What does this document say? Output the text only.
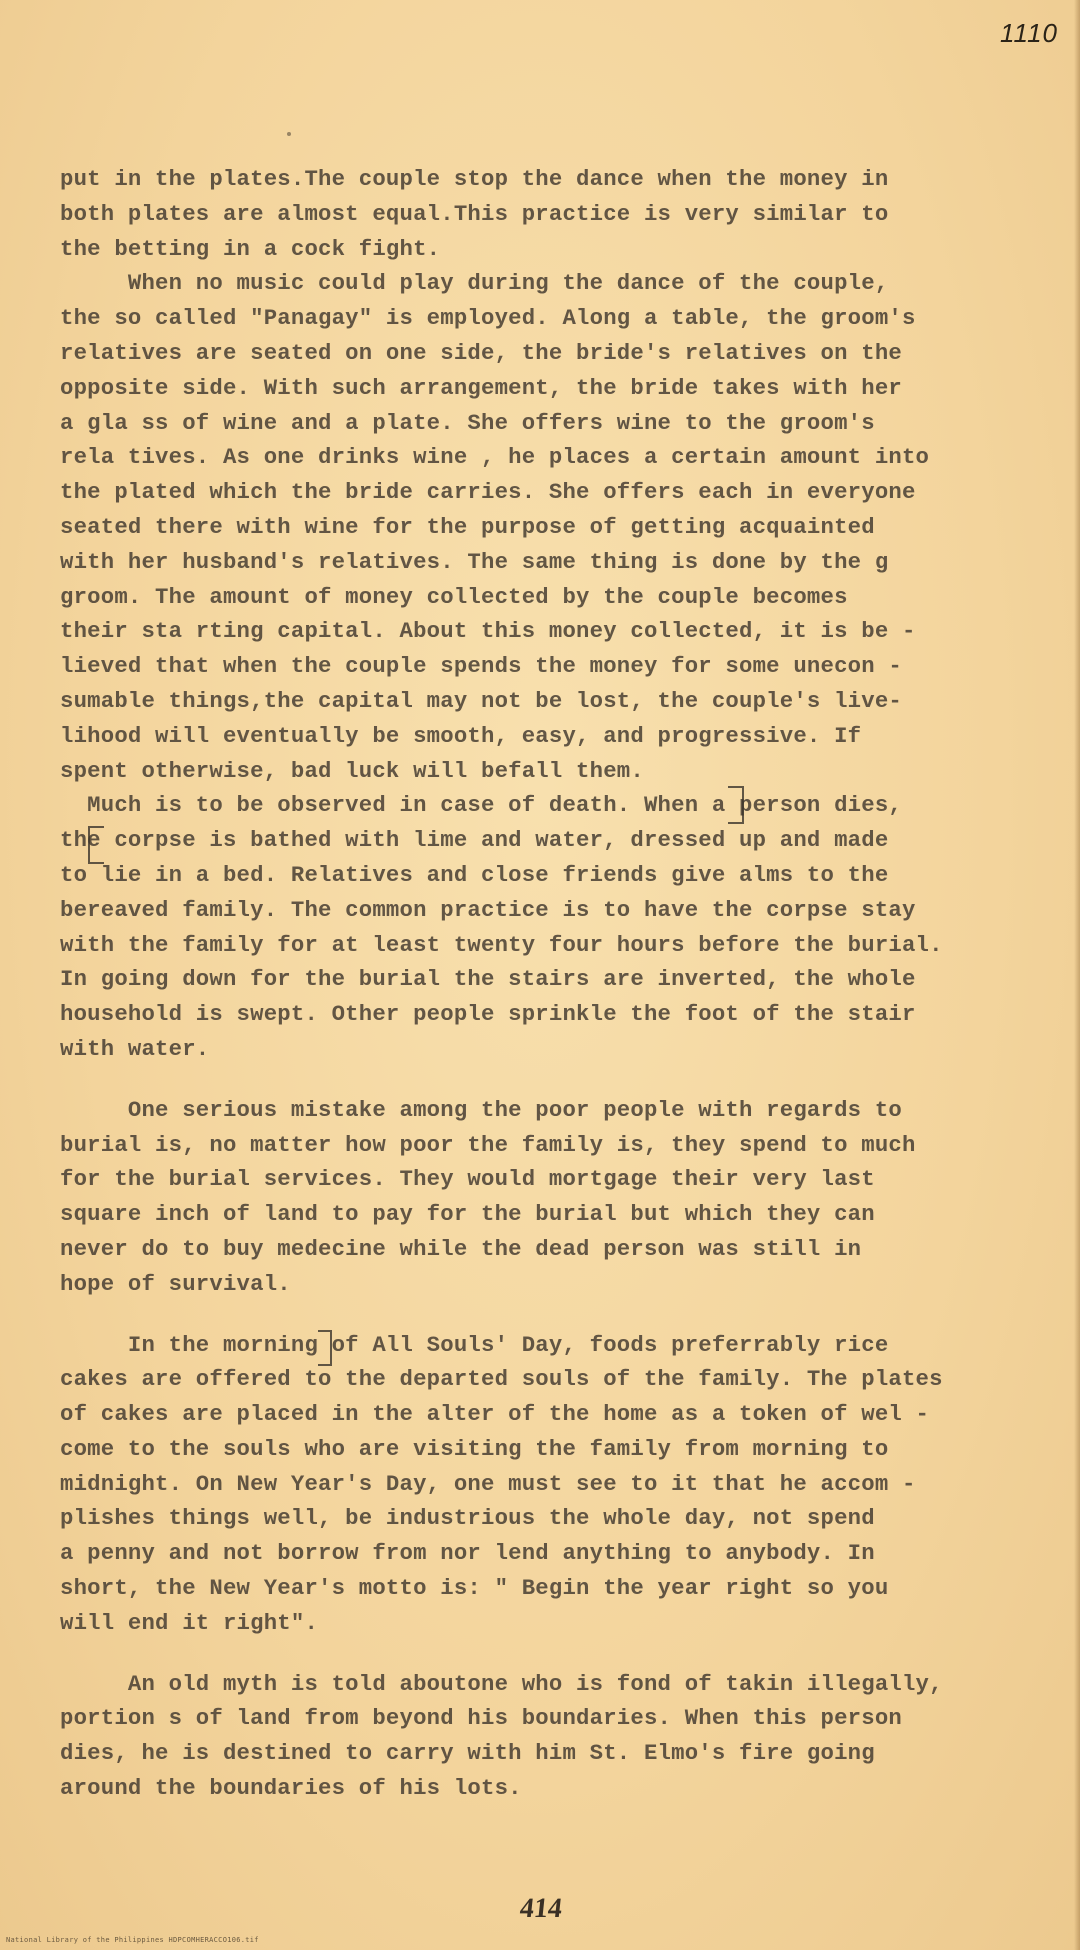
1110
put in the plates.The couple stop the dance when the money in
both plates are almost equal.This practice is very similar to
the betting in a cock fight.
When no music could play during the dance of the couple,
the so called "Panagay" is employed. Along a table, the groom's
relatives are seated on one side, the bride's relatives on the
opposite side. With such arrangement, the bride takes with her
a gla ss of wine and a plate. She offers wine to the groom's
rela tives. As one drinks wine , he places a certain amount into
the plated which the bride carries. She offers each in everyone
seated there with wine for the purpose of getting acquainted
with her husband's relatives. The same thing is done by the g
groom. The amount of money collected by the couple becomes
their sta rting capital. About this money collected, it is be -
lieved that when the couple spends the money for some unecon -
sumable things,the capital may not be lost, the couple's live-
lihood will eventually be smooth, easy, and progressive. If
spent otherwise, bad luck will befall them.
Much is to be observed in case of death. When a person dies,
the corpse is bathed with lime and water, dressed up and made
to lie in a bed. Relatives and close friends give alms to the
bereaved family. The common practice is to have the corpse stay
with the family for at least twenty four hours before the burial.
In going down for the burial the stairs are inverted, the whole
household is swept. Other people sprinkle the foot of the stair
with water.
One serious mistake among the poor people with regards to
burial is, no matter how poor the family is, they spend to much
for the burial services. They would mortgage their very last
square inch of land to pay for the burial but which they can
never do to buy medecine while the dead person was still in
hope of survival.
In the morning of All Souls' Day, foods preferrably rice
cakes are offered to the departed souls of the family. The plates
of cakes are placed in the alter of the home as a token of wel -
come to the souls who are visiting the family from morning to
midnight. On New Year's Day, one must see to it that he accom -
plishes things well, be industrious the whole day, not spend
a penny and not borrow from nor lend anything to anybody. In
short, the New Year's motto is: " Begin the year right so you
will end it right".
An old myth is told aboutone who is fond of takin illegally,
portion s of land from beyond his boundaries. When this person
dies, he is destined to carry with him St. Elmo's fire going
around the boundaries of his lots.
414
National Library of the Philippines HDPCOMHERACCO106.tif
